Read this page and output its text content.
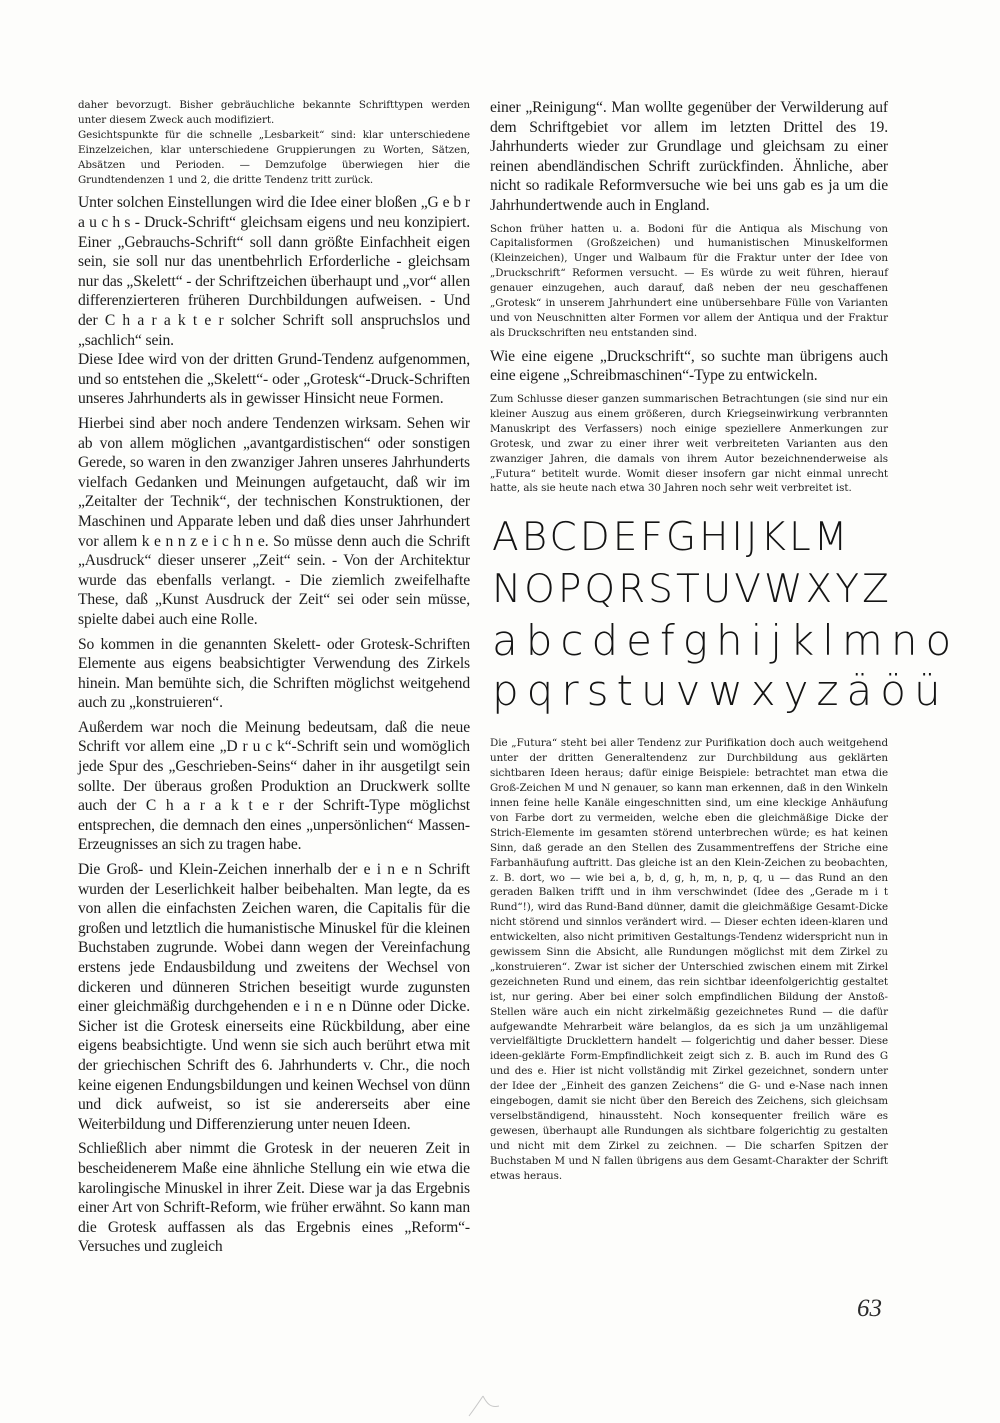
daher bevorzugt. Bisher gebräuchliche bekannte Schrifttypen werden unter diesem Zweck auch modifiziert.

Gesichtspunkte für die schnelle „Lesbarkeit“ sind: klar unterschiedene Einzelzeichen, klar unterschiedene Gruppierungen zu Worten, Sätzen, Absätzen und Perioden. — Demzufolge überwiegen hier die Grundtendenzen 1 und 2, die dritte Tendenz tritt zurück.

Unter solchen Einstellungen wird die Idee einer bloßen „G e b r a u c h s - Druck-Schrift“ gleichsam eigens und neu konzipiert. Einer „Gebrauchs-Schrift“ soll dann größte Einfachheit eigen sein, sie soll nur das unentbehrlich Erforderliche - gleichsam nur das „Skelett“ - der Schriftzeichen überhaupt und „vor“ allen differenzierteren früheren Durchbildungen aufweisen. - Und der C h a r a k t e r solcher Schrift soll anspruchslos und „sachlich“ sein.

Diese Idee wird von der dritten Grund-Tendenz aufgenommen, und so entstehen die „Skelett“- oder „Grotesk“-Druck-Schriften unseres Jahrhunderts als in gewisser Hinsicht neue Formen.

Hierbei sind aber noch andere Tendenzen wirksam. Sehen wir ab von allem möglichen „avantgardistischen“ oder sonstigen Gerede, so waren in den zwanziger Jahren unseres Jahrhunderts vielfach Gedanken und Meinungen aufgetaucht, daß wir im „Zeitalter der Technik“, der technischen Konstruktionen, der Maschinen und Apparate leben und daß dies unser Jahrhundert vor allem k e n n z e i c h n e. So müsse denn auch die Schrift „Ausdruck“ dieser unserer „Zeit“ sein. - Von der Architektur wurde das ebenfalls verlangt. - Die ziemlich zweifelhafte These, daß „Kunst Ausdruck der Zeit“ sei oder sein müsse, spielte dabei auch eine Rolle.

So kommen in die genannten Skelett- oder Grotesk-Schriften Elemente aus eigens beabsichtigter Verwendung des Zirkels hinein. Man bemühte sich, die Schriften möglichst weitgehend auch zu „konstruieren“.

Außerdem war noch die Meinung bedeutsam, daß die neue Schrift vor allem eine „D r u c k“-Schrift sein und womöglich jede Spur des „Geschrieben-Seins“ daher in ihr ausgetilgt sein sollte. Der überaus großen Produktion an Druckwerk sollte auch der C h a r a k t e r der Schrift-Type möglichst entsprechen, die demnach den eines „unpersönlichen“ Massen-Erzeugnisses an sich zu tragen habe.

Die Groß- und Klein-Zeichen innerhalb der e i n e n Schrift wurden der Leserlichkeit halber beibehalten. Man legte, da es von allen die einfachsten Zeichen waren, die Capitalis für die großen und letztlich die humanistische Minuskel für die kleinen Buchstaben zugrunde. Wobei dann wegen der Vereinfachung erstens jede Endausbildung und zweitens der Wechsel von dickeren und dünneren Strichen beseitigt wurde zugunsten einer gleichmäßig durchgehenden e i n e n Dünne oder Dicke. Sicher ist die Grotesk einerseits eine Rückbildung, aber eine eigens beabsichtigte. Und wenn sie sich auch berührt etwa mit der griechischen Schrift des 6. Jahrhunderts v. Chr., die noch keine eigenen Endungsbildungen und keinen Wechsel von dünn und dick aufweist, so ist sie andererseits aber eine Weiterbildung und Differenzierung unter neuen Ideen.

Schließlich aber nimmt die Grotesk in der neueren Zeit in bescheidenerem Maße eine ähnliche Stellung ein wie etwa die karolingische Minuskel in ihrer Zeit. Diese war ja das Ergebnis einer Art von Schrift-Reform, wie früher erwähnt. So kann man die Grotesk auffassen als das Ergebnis eines „Reform“-Versuches und zugleich

einer „Reinigung“. Man wollte gegenüber der Verwilderung auf dem Schriftgebiet vor allem im letzten Drittel des 19. Jahrhunderts wieder zur Grundlage und gleichsam zu einer reinen abendländischen Schrift zurückfinden. Ähnliche, aber nicht so radikale Reformversuche wie bei uns gab es ja um die Jahrhundertwende auch in England.

Schon früher hatten u. a. Bodoni für die Antiqua als Mischung von Capitalisformen (Großzeichen) und humanistischen Minuskelformen (Kleinzeichen), Unger und Walbaum für die Fraktur unter der Idee von „Druckschrift“ Reformen versucht. — Es würde zu weit führen, hierauf genauer einzugehen, auch darauf, daß neben der neu geschaffenen „Grotesk“ in unserem Jahrhundert eine unübersehbare Fülle von Varianten und von Neuschnitten alter Formen vor allem der Antiqua und der Fraktur als Druckschriften neu entstanden sind.

Wie eine eigene „Druckschrift“, so suchte man übrigens auch eine eigene „Schreibmaschinen“-Type zu entwickeln.

Zum Schlusse dieser ganzen summarischen Betrachtungen (sie sind nur ein kleiner Auszug aus einem größeren, durch Kriegseinwirkung verbrannten Manuskript des Verfassers) noch einige speziellere Anmerkungen zur Grotesk, und zwar zu einer ihrer weit verbreiteten Varianten aus den zwanziger Jahren, die damals von ihrem Autor bezeichnenderweise als „Futura“ betitelt wurde. Womit dieser insofern gar nicht einmal unrecht hatte, als sie heute nach etwa 30 Jahren noch sehr weit verbreitet ist.

ABCDEFGHIJKLM
NOPQRSTUVWXYZ
abcdefghijklmno
pqrstuvwxyzäöü

Die „Futura“ steht bei aller Tendenz zur Purifikation doch auch weitgehend unter der dritten Generaltendenz zur Durchbildung aus geklärten sichtbaren Ideen heraus; dafür einige Beispiele: betrachtet man etwa die Groß-Zeichen M und N genauer, so kann man erkennen, daß in den Winkeln innen feine helle Kanäle eingeschnitten sind, um eine kleckige Anhäufung von Farbe dort zu vermeiden, welche eben die gleichmäßige Dicke der Strich-Elemente im gesamten störend unterbrechen würde; es hat keinen Sinn, daß gerade an den Stellen des Zusammentreffens der Striche eine Farbanhäufung auftritt. Das gleiche ist an den Klein-Zeichen zu beobachten, z. B. dort, wo — wie bei a, b, d, g, h, m, n, p, q, u — das Rund an den geraden Balken trifft und in ihm verschwindet (Idee des „Gerade m i t Rund“!), wird das Rund-Band dünner, damit die gleichmäßige Gesamt-Dicke nicht störend und sinnlos verändert wird. — Dieser echten ideen-klaren und entwickelten, also nicht primitiven Gestaltungs-Tendenz widerspricht nun in gewissem Sinn die Absicht, alle Rundungen möglichst mit dem Zirkel zu „konstruieren“. Zwar ist sicher der Unterschied zwischen einem mit Zirkel gezeichneten Rund und einem, das rein sichtbar ideenfolgerichtig gestaltet ist, nur gering. Aber bei einer solch empfindlichen Bildung der Anstoß-Stellen wäre auch ein nicht zirkelmäßig gezeichnetes Rund — die dafür aufgewandte Mehrarbeit wäre belanglos, da es sich ja um unzähligemal vervielfältigte Drucklettern handelt — folgerichtig und daher besser. Diese ideen-geklärte Form-Empfindlichkeit zeigt sich z. B. auch im Rund des G und des e. Hier ist nicht vollständig mit Zirkel gezeichnet, sondern unter der Idee der „Einheit des ganzen Zeichens“ die G- und e-Nase nach innen eingebogen, damit sie nicht über den Bereich des Zeichens, sich gleichsam verselbständigend, hinaussteht. Noch konsequenter freilich wäre es gewesen, überhaupt alle Rundungen als sichtbare folgerichtig zu gestalten und nicht mit dem Zirkel zu zeichnen. — Die scharfen Spitzen der Buchstaben M und N fallen übrigens aus dem Gesamt-Charakter der Schrift etwas heraus.

63
